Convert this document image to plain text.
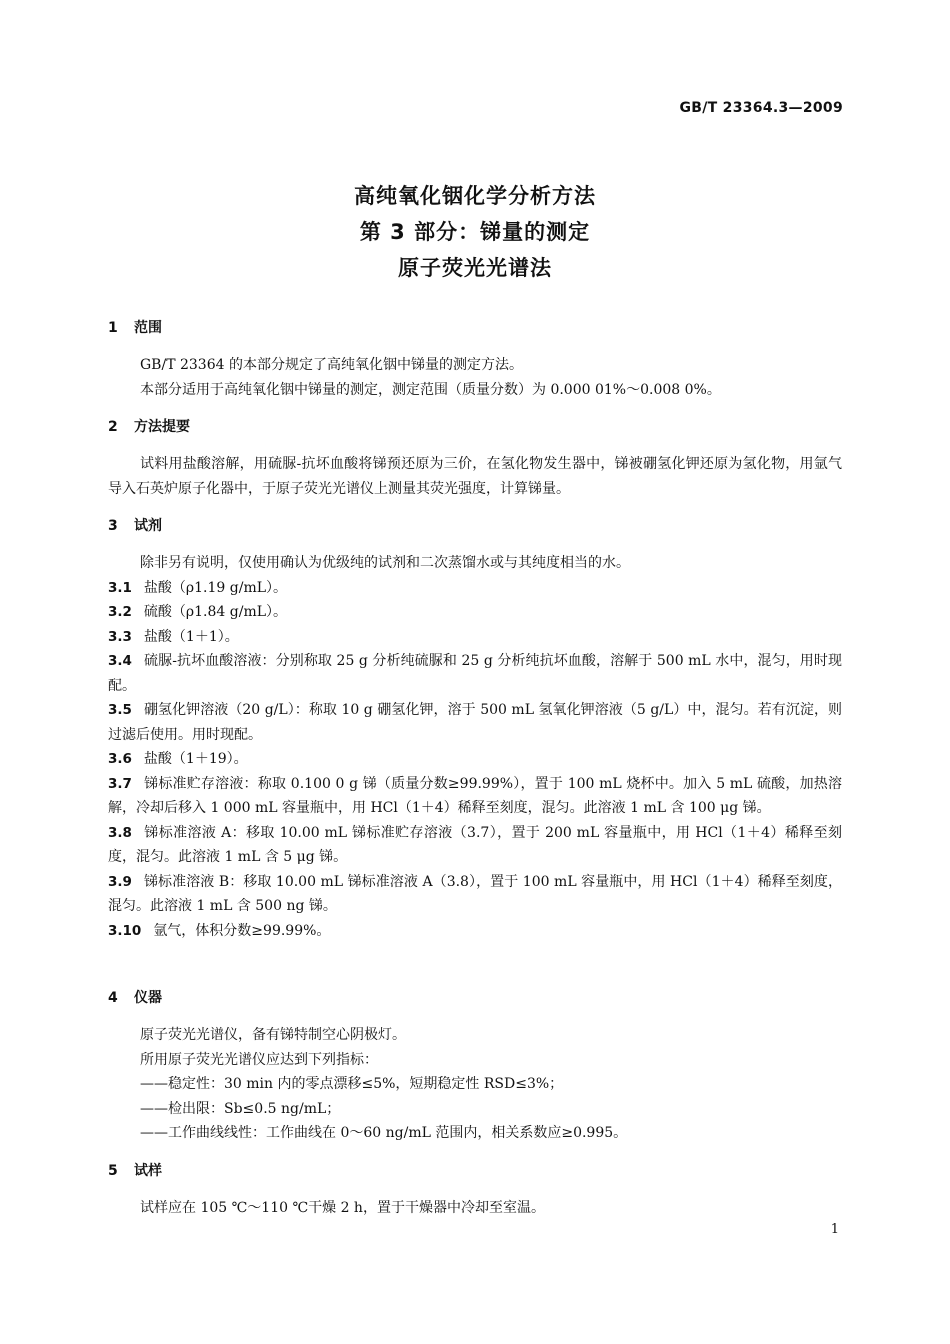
GB/T 23364.3—2009
高纯氧化铟化学分析方法
第 3 部分：锑量的测定
原子荧光光谱法
1 范围

GB/T 23364 的本部分规定了高纯氧化铟中锑量的测定方法。

本部分适用于高纯氧化铟中锑量的测定，测定范围（质量分数）为 0.000 01%～0.008 0%。

2 方法提要

试料用盐酸溶解，用硫脲-抗坏血酸将锑预还原为三价，在氢化物发生器中，锑被硼氢化钾还原为氢化物，用氩气导入石英炉原子化器中，于原子荧光光谱仪上测量其荧光强度，计算锑量。

3 试剂

除非另有说明，仅使用确认为优级纯的试剂和二次蒸馏水或与其纯度相当的水。

3.1 盐酸（ρ1.19 g/mL）。

3.2 硫酸（ρ1.84 g/mL）。

3.3 盐酸（1＋1）。

3.4 硫脲-抗坏血酸溶液：分别称取 25 g 分析纯硫脲和 25 g 分析纯抗坏血酸，溶解于 500 mL 水中，混匀，用时现配。

3.5 硼氢化钾溶液（20 g/L）：称取 10 g 硼氢化钾，溶于 500 mL 氢氧化钾溶液（5 g/L）中，混匀。若有沉淀，则过滤后使用。用时现配。

3.6 盐酸（1＋19）。

3.7 锑标准贮存溶液：称取 0.100 0 g 锑（质量分数≥99.99%），置于 100 mL 烧杯中。加入 5 mL 硫酸，加热溶解，冷却后移入 1 000 mL 容量瓶中，用 HCl（1＋4）稀释至刻度，混匀。此溶液 1 mL 含 100 μg 锑。

3.8 锑标准溶液 A：移取 10.00 mL 锑标准贮存溶液（3.7），置于 200 mL 容量瓶中，用 HCl（1＋4）稀释至刻度，混匀。此溶液 1 mL 含 5 μg 锑。

3.9 锑标准溶液 B：移取 10.00 mL 锑标准溶液 A（3.8），置于 100 mL 容量瓶中，用 HCl（1＋4）稀释至刻度，混匀。此溶液 1 mL 含 500 ng 锑。

3.10 氩气，体积分数≥99.99%。

4 仪器

原子荧光光谱仪，备有锑特制空心阴极灯。

所用原子荧光光谱仪应达到下列指标：

——稳定性：30 min 内的零点漂移≤5%，短期稳定性 RSD≤3%；

——检出限：Sb≤0.5 ng/mL；

——工作曲线线性：工作曲线在 0～60 ng/mL 范围内，相关系数应≥0.995。

5 试样

试样应在 105 ℃～110 ℃干燥 2 h，置于干燥器中冷却至室温。

1
